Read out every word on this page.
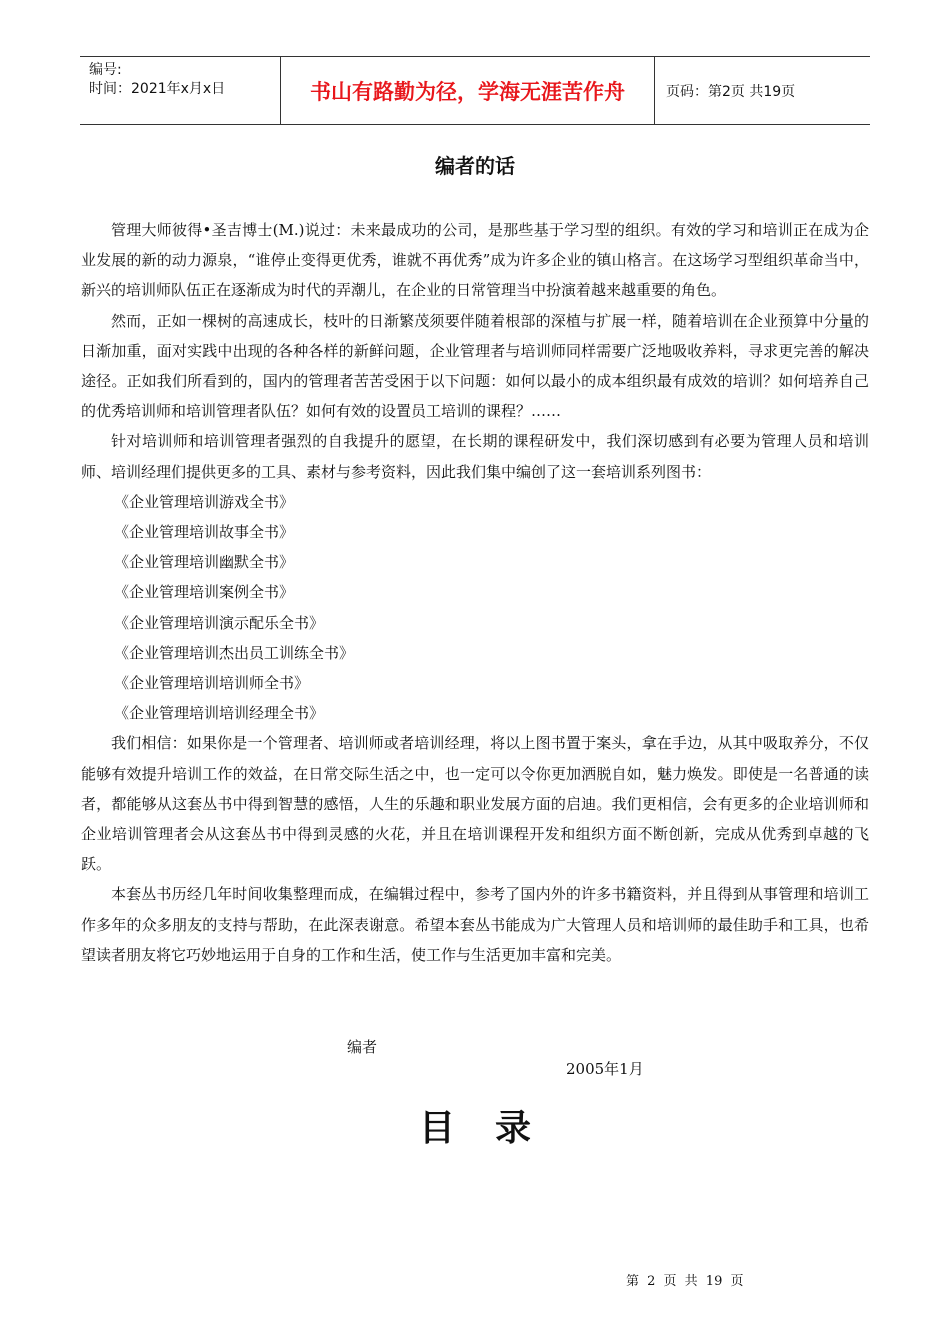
编号:
时间：2021年x月x日	书山有路勤为径，学海无涯苦作舟	页码：第2页 共19页
编者的话

管理大师彼得•圣吉博士(M.)说过：未来最成功的公司，是那些基于学习型的组织。有效的学习和培训正在成为企业发展的新的动力源泉，“谁停止变得更优秀，谁就不再优秀”成为许多企业的镇山格言。在这场学习型组织革命当中，新兴的培训师队伍正在逐渐成为时代的弄潮儿，在企业的日常管理当中扮演着越来越重要的角色。

然而，正如一棵树的高速成长，枝叶的日渐繁茂须要伴随着根部的深植与扩展一样，随着培训在企业预算中分量的日渐加重，面对实践中出现的各种各样的新鲜问题，企业管理者与培训师同样需要广泛地吸收养料，寻求更完善的解决途径。正如我们所看到的，国内的管理者苦苦受困于以下问题：如何以最小的成本组织最有成效的培训？如何培养自己的优秀培训师和培训管理者队伍？如何有效的设置员工培训的课程？……

针对培训师和培训管理者强烈的自我提升的愿望，在长期的课程研发中，我们深切感到有必要为管理人员和培训师、培训经理们提供更多的工具、素材与参考资料，因此我们集中编创了这一套培训系列图书：

《企业管理培训游戏全书》
《企业管理培训故事全书》
《企业管理培训幽默全书》
《企业管理培训案例全书》
《企业管理培训演示配乐全书》
《企业管理培训杰出员工训练全书》
《企业管理培训培训师全书》
《企业管理培训培训经理全书》

我们相信：如果你是一个管理者、培训师或者培训经理，将以上图书置于案头，拿在手边，从其中吸取养分，不仅能够有效提升培训工作的效益，在日常交际生活之中，也一定可以令你更加洒脱自如，魅力焕发。即使是一名普通的读者，都能够从这套丛书中得到智慧的感悟，人生的乐趣和职业发展方面的启迪。我们更相信，会有更多的企业培训师和企业培训管理者会从这套丛书中得到灵感的火花，并且在培训课程开发和组织方面不断创新，完成从优秀到卓越的飞跃。

本套丛书历经几年时间收集整理而成，在编辑过程中，参考了国内外的许多书籍资料，并且得到从事管理和培训工作多年的众多朋友的支持与帮助，在此深表谢意。希望本套丛书能成为广大管理人员和培训师的最佳助手和工具，也希望读者朋友将它巧妙地运用于自身的工作和生活，使工作与生活更加丰富和完美。

编者
2005年1月
目录
第 2 页 共 19 页
